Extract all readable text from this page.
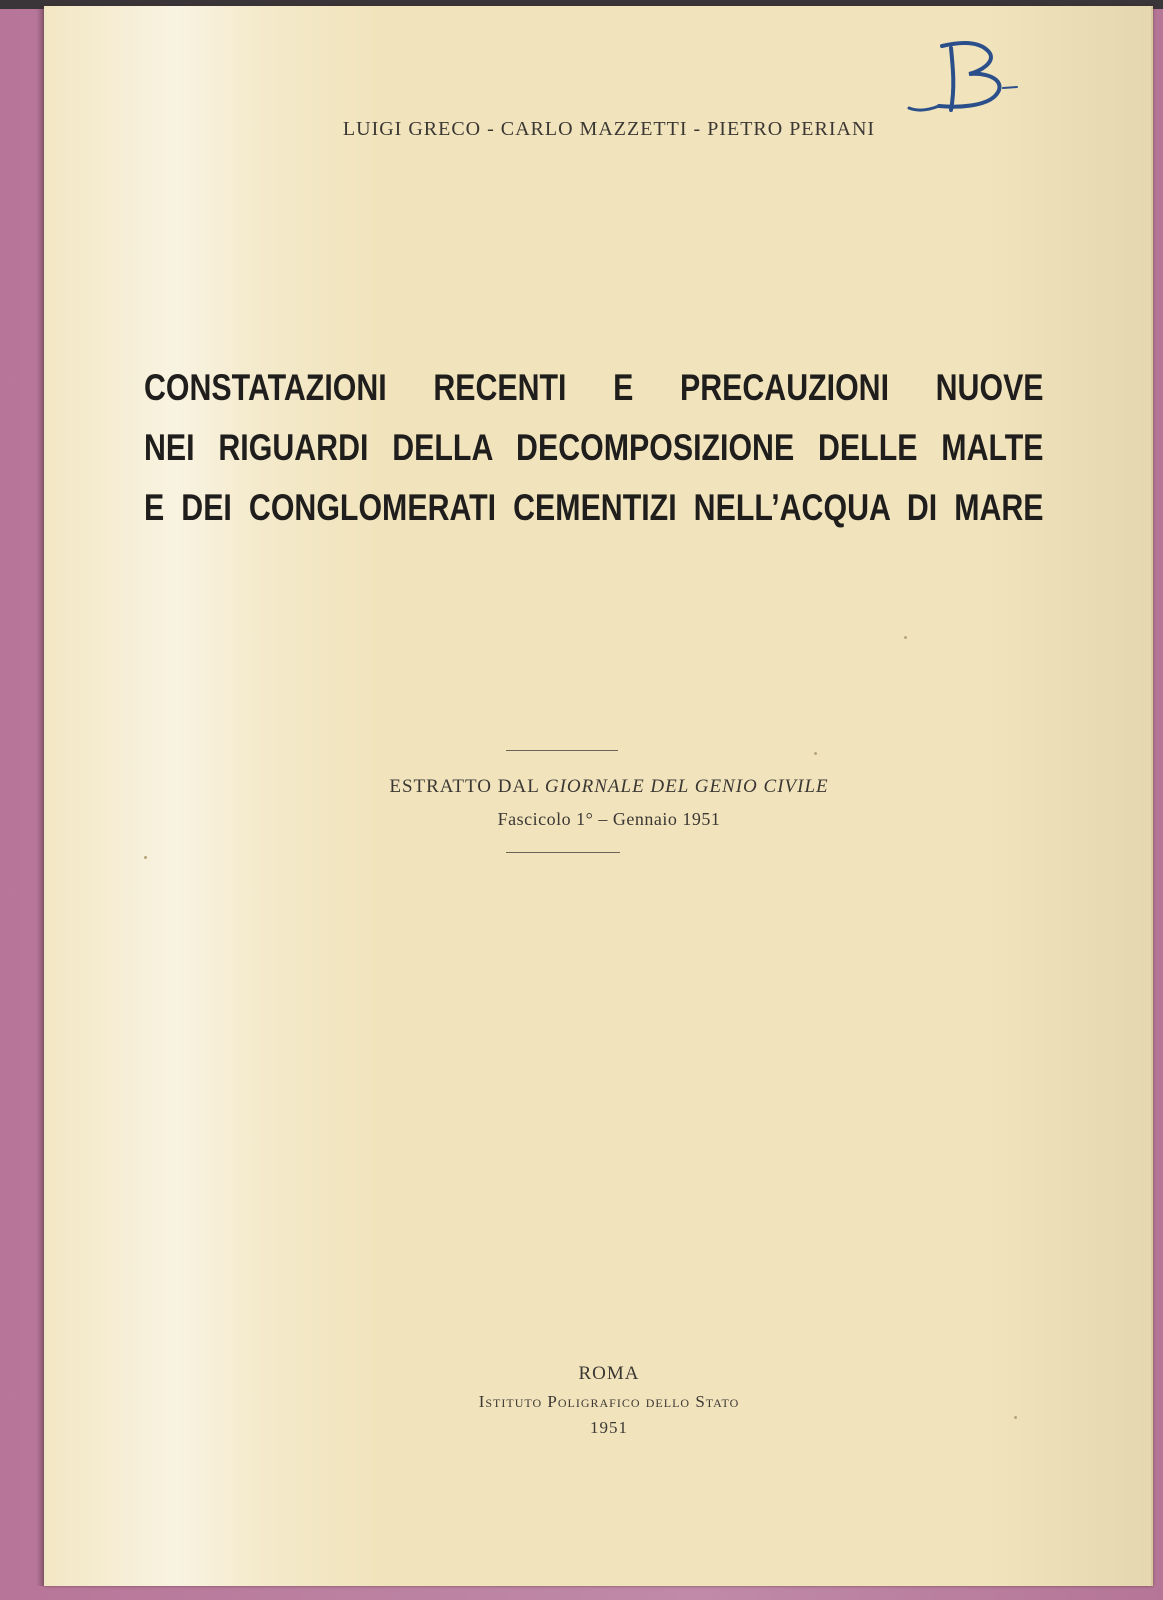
LUIGI GRECO - CARLO MAZZETTI - PIETRO PERIANI
CONSTATAZIONI RECENTI E PRECAUZIONI NUOVE
NEI RIGUARDI DELLA DECOMPOSIZIONE DELLE MALTE
E DEI CONGLOMERATI CEMENTIZI NELL’ACQUA DI MARE
ESTRATTO DAL GIORNALE DEL GENIO CIVILE
Fascicolo 1° – Gennaio 1951
ROMA
Istituto Poligrafico dello Stato
1951
